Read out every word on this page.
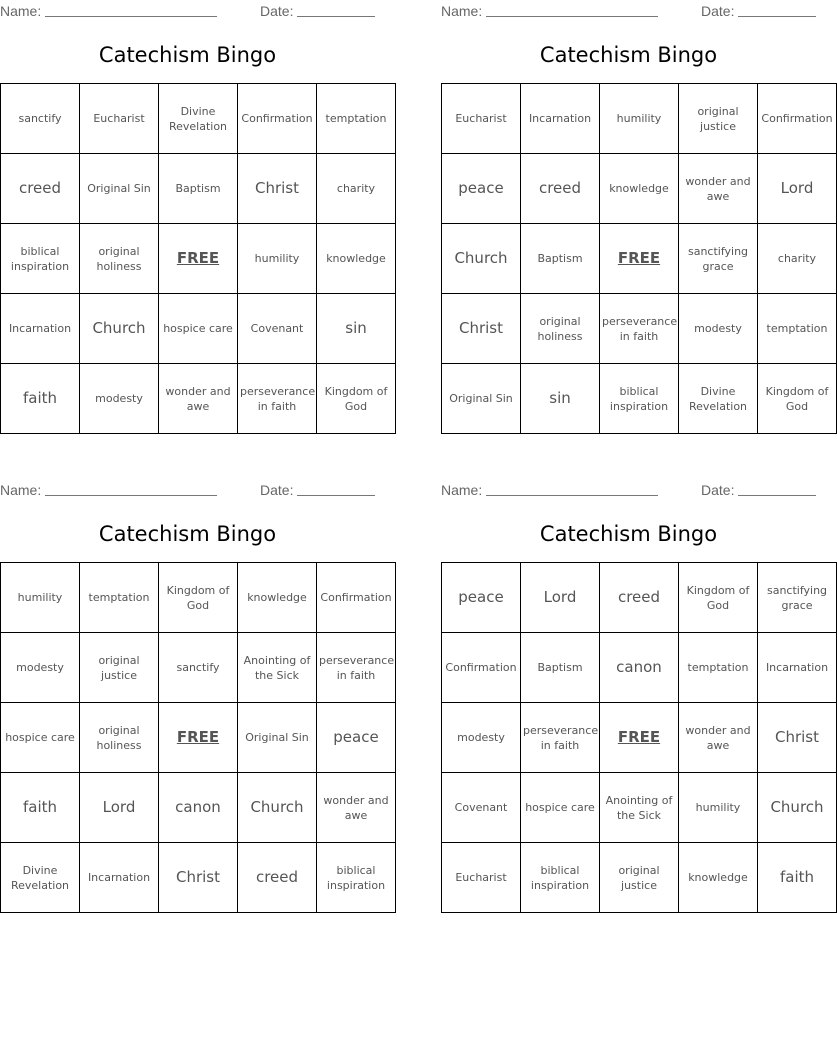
Name:	Date:
Catechism Bingo
sanctify	Eucharist	Divine Revelation	Confirmation	temptation
creed	Original Sin	Baptism	Christ	charity
biblical inspiration	original holiness	FREE	humility	knowledge
Incarnation	Church	hospice care	Covenant	sin
faith	modesty	wonder and awe	perseverance in faith	Kingdom of God
Name:	Date:
Catechism Bingo
Eucharist	Incarnation	humility	original justice	Confirmation
peace	creed	knowledge	wonder and awe	Lord
Church	Baptism	FREE	sanctifying grace	charity
Christ	original holiness	perseverance in faith	modesty	temptation
Original Sin	sin	biblical inspiration	Divine Revelation	Kingdom of God
Name:	Date:
Catechism Bingo
humility	temptation	Kingdom of God	knowledge	Confirmation
modesty	original justice	sanctify	Anointing of the Sick	perseverance in faith
hospice care	original holiness	FREE	Original Sin	peace
faith	Lord	canon	Church	wonder and awe
Divine Revelation	Incarnation	Christ	creed	biblical inspiration
Name:	Date:
Catechism Bingo
peace	Lord	creed	Kingdom of God	sanctifying grace
Confirmation	Baptism	canon	temptation	Incarnation
modesty	perseverance in faith	FREE	wonder and awe	Christ
Covenant	hospice care	Anointing of the Sick	humility	Church
Eucharist	biblical inspiration	original justice	knowledge	faith
